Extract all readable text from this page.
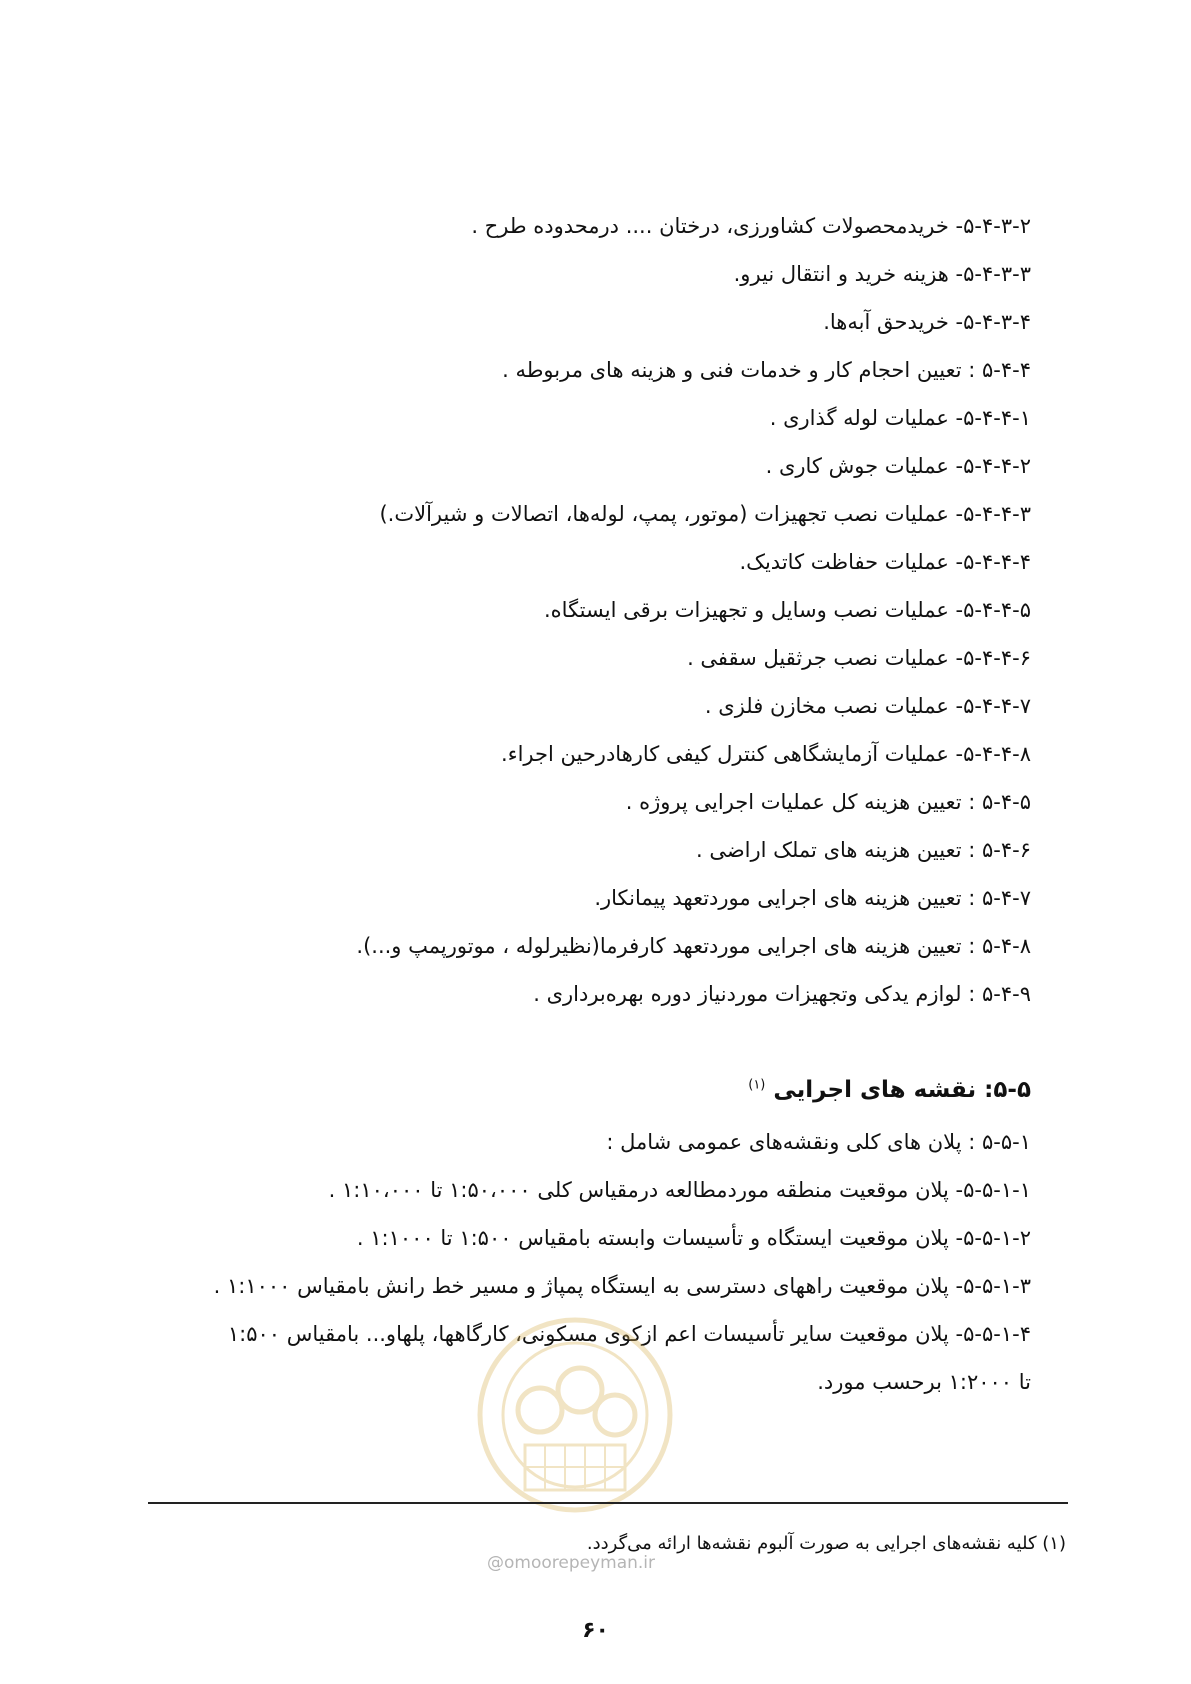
۵-۴-۳-۲- خریدمحصولات کشاورزی، درختان .... درمحدوده طرح .
۵-۴-۳-۳- هزینه خرید و انتقال نیرو.
۵-۴-۳-۴- خریدحق آبه‌ها.
۵-۴-۴ : تعیین احجام کار و خدمات فنی و هزینه های مربوطه .
۵-۴-۴-۱- عملیات لوله گذاری .
۵-۴-۴-۲- عملیات جوش کاری .
۵-۴-۴-۳- عملیات نصب تجهیزات (موتور، پمپ، لوله‌ها، اتصالات و شیرآلات.)
۵-۴-۴-۴- عملیات حفاظت کاتدیک.
۵-۴-۴-۵- عملیات نصب وسایل و تجهیزات برقی ایستگاه.
۵-۴-۴-۶- عملیات نصب جرثقیل سقفی .
۵-۴-۴-۷- عملیات نصب مخازن فلزی .
۵-۴-۴-۸- عملیات آزمایشگاهی کنترل کیفی کارهادرحین اجراء.
۵-۴-۵ : تعیین هزینه کل عملیات اجرایی پروژه .
۵-۴-۶ : تعیین هزینه های تملک اراضی .
۵-۴-۷ : تعیین هزینه های اجرایی موردتعهد پیمانکار.
۵-۴-۸ : تعیین هزینه های اجرایی موردتعهد کارفرما(نظیرلوله ، موتورپمپ و...).
۵-۴-۹ : لوازم یدکی وتجهیزات موردنیاز دوره بهره‌برداری .
۵-۵: نقشه های اجرایی $^{(۱)}$
۵-۵-۱ : پلان های کلی ونقشه‌های عمومی شامل :
۵-۵-۱-۱- پلان موقعیت منطقه موردمطالعه درمقیاس کلی ۱:۵۰،۰۰۰ تا ۱:۱۰،۰۰۰ .
۵-۵-۱-۲- پلان موقعیت ایستگاه و تأسیسات وابسته بامقیاس ۱:۵۰۰ تا ۱:۱۰۰۰ .
۵-۵-۱-۳- پلان موقعیت راههای دسترسی به ایستگاه پمپاژ و مسیر خط رانش بامقیاس ۱:۱۰۰۰ .
۵-۵-۱-۴- پلان موقعیت سایر تأسیسات اعم ازکوی مسکونی، کارگاهها، پلهاو... بامقیاس ۱:۵۰۰
تا ۱:۲۰۰۰ برحسب مورد.
(۱) کلیه نقشه‌های اجرایی به صورت آلبوم نقشه‌ها ارائه می‌گردد.
@omoorepeyman.ir
۶۰
